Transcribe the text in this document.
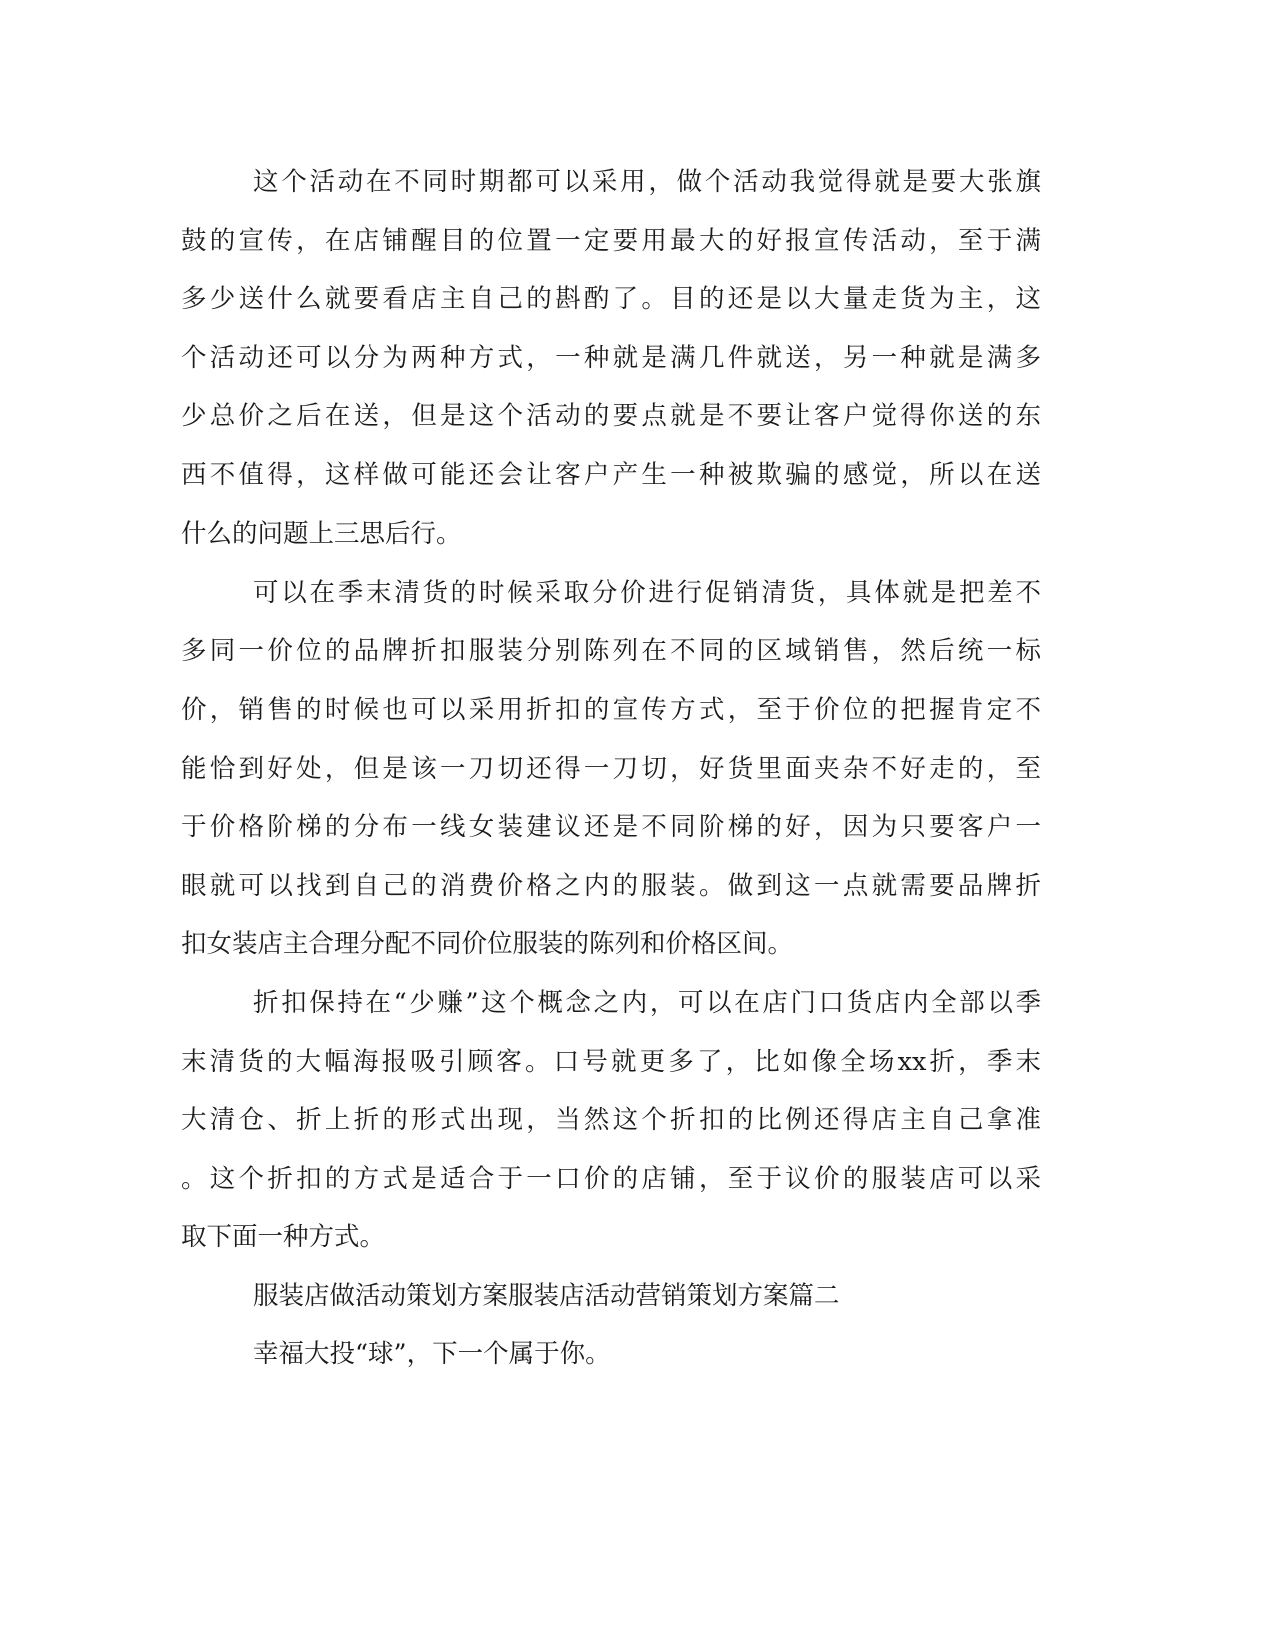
这个活动在不同时期都可以采用，做个活动我觉得就是要大张旗
鼓的宣传，在店铺醒目的位置一定要用最大的好报宣传活动，至于满
多少送什么就要看店主自己的斟酌了。目的还是以大量走货为主，这
个活动还可以分为两种方式，一种就是满几件就送，另一种就是满多
少总价之后在送，但是这个活动的要点就是不要让客户觉得你送的东
西不值得，这样做可能还会让客户产生一种被欺骗的感觉，所以在送
什么的问题上三思后行。
可以在季末清货的时候采取分价进行促销清货，具体就是把差不
多同一价位的品牌折扣服装分别陈列在不同的区域销售，然后统一标
价，销售的时候也可以采用折扣的宣传方式，至于价位的把握肯定不
能恰到好处，但是该一刀切还得一刀切，好货里面夹杂不好走的，至
于价格阶梯的分布一线女装建议还是不同阶梯的好，因为只要客户一
眼就可以找到自己的消费价格之内的服装。做到这一点就需要品牌折
扣女装店主合理分配不同价位服装的陈列和价格区间。
折扣保持在“少赚”这个概念之内，可以在店门口货店内全部以季
末清货的大幅海报吸引顾客。口号就更多了，比如像全场xx折，季末
大清仓、折上折的形式出现，当然这个折扣的比例还得店主自己拿准
。这个折扣的方式是适合于一口价的店铺，至于议价的服装店可以采
取下面一种方式。
服装店做活动策划方案服装店活动营销策划方案篇二
幸福大投“球”，下一个属于你。
